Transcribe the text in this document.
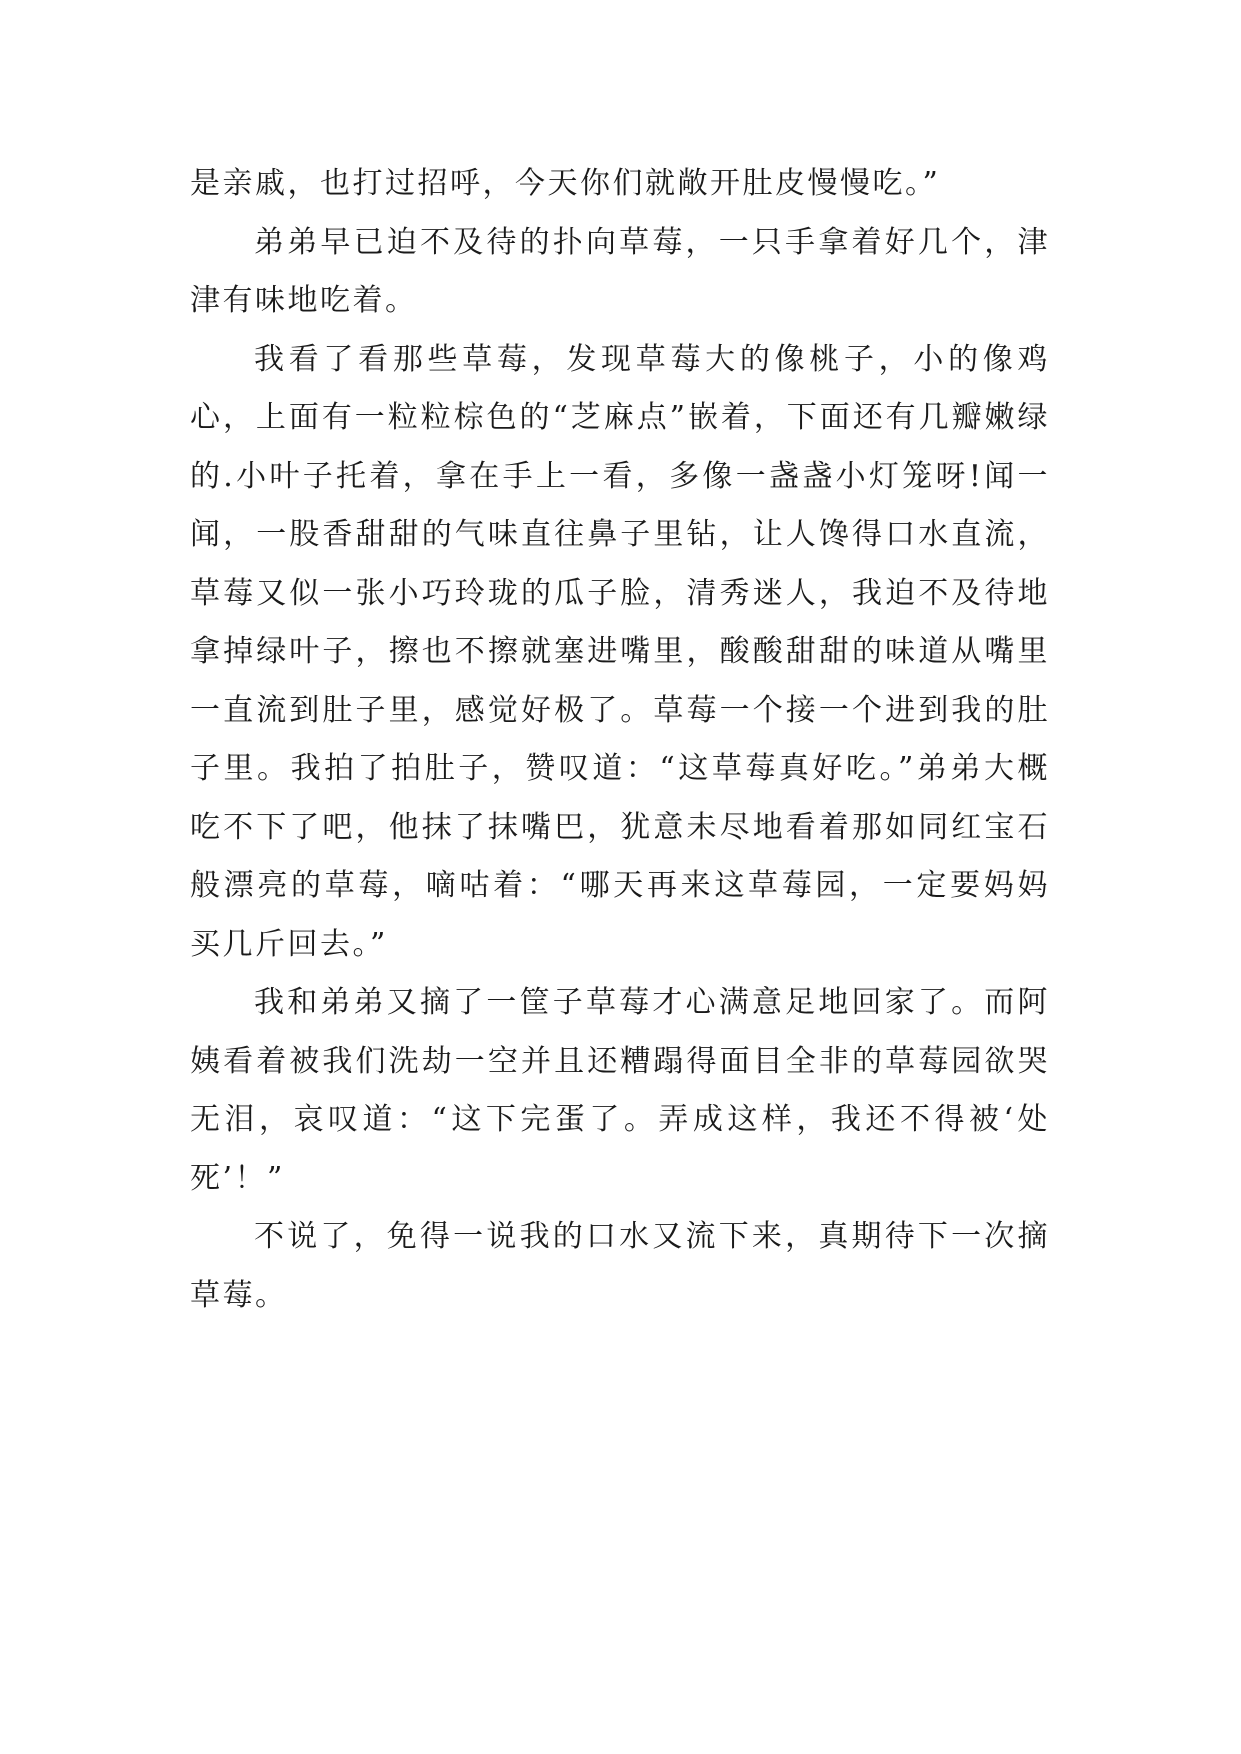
是亲戚，也打过招呼，今天你们就敞开肚皮慢慢吃。”

弟弟早已迫不及待的扑向草莓，一只手拿着好几个，津津有味地吃着。

我看了看那些草莓，发现草莓大的像桃子，小的像鸡心，上面有一粒粒棕色的“芝麻点”嵌着，下面还有几瓣嫩绿的.小叶子托着，拿在手上一看，多像一盏盏小灯笼呀!闻一闻，一股香甜甜的气味直往鼻子里钻，让人馋得口水直流，草莓又似一张小巧玲珑的瓜子脸，清秀迷人，我迫不及待地拿掉绿叶子，擦也不擦就塞进嘴里，酸酸甜甜的味道从嘴里一直流到肚子里，感觉好极了。草莓一个接一个进到我的肚子里。我拍了拍肚子，赞叹道：“这草莓真好吃。”弟弟大概吃不下了吧，他抹了抹嘴巴，犹意未尽地看着那如同红宝石般漂亮的草莓，嘀咕着：“哪天再来这草莓园，一定要妈妈买几斤回去。”

我和弟弟又摘了一筐子草莓才心满意足地回家了。而阿姨看着被我们洗劫一空并且还糟蹋得面目全非的草莓园欲哭无泪，哀叹道：“这下完蛋了。弄成这样，我还不得被‘处死’！”

不说了，免得一说我的口水又流下来，真期待下一次摘草莓。
